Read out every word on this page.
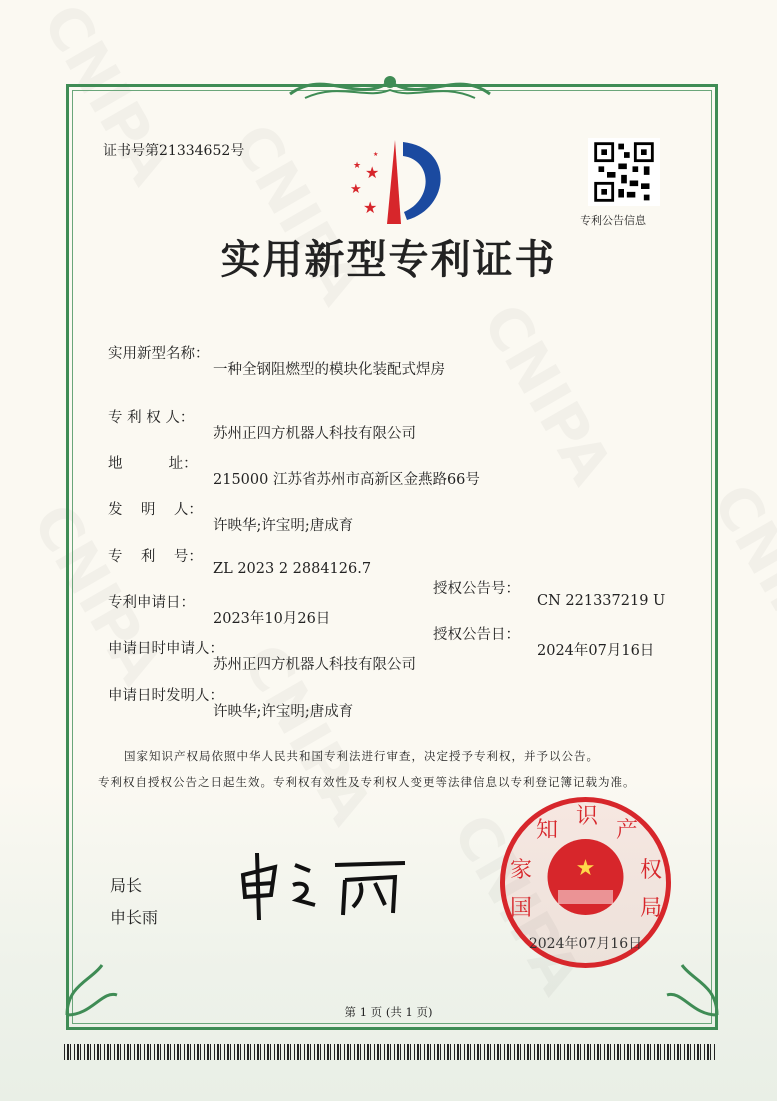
证书号第21334652号
★
★
★
★
★
专利公告信息
实用新型专利证书

实用新型名称：

一种全钢阻燃型的模块化装配式焊房

专 利 权 人：

苏州正四方机器人科技有限公司

地          址：

215000 江苏省苏州市高新区金燕路66号

发    明    人：

许映华;许宝明;唐成育

专    利    号：

ZL 2023 2 2884126.7

授权公告号：

CN 221337219 U

专利申请日：

2023年10月26日

授权公告日：

2024年07月16日

申请日时申请人：

苏州正四方机器人科技有限公司

申请日时发明人：

许映华;许宝明;唐成育

国家知识产权局依照中华人民共和国专利法进行审查，决定授予专利权，并予以公告。
专利权自授权公告之日起生效。专利权有效性及专利权人变更等法律信息以专利登记簿记载为准。
局长
申长雨
★
国家知识产权局
2024年07月16日
第 1 页 (共 1 页)
